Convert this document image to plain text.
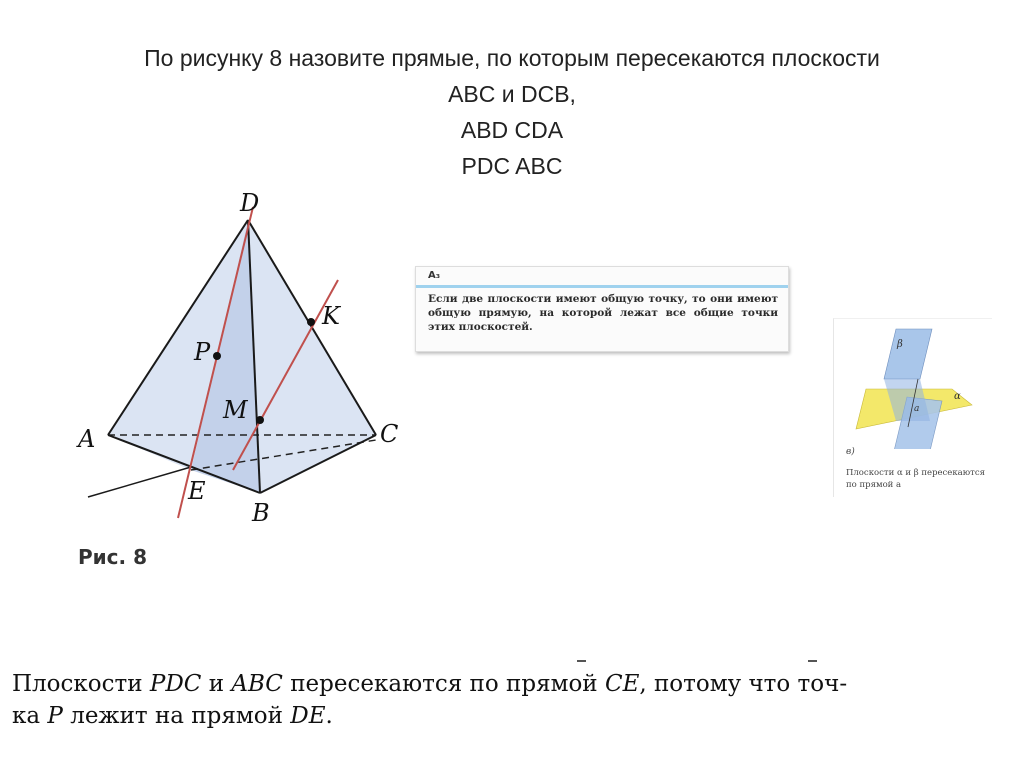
По рисунку 8 назовите прямые, по которым пересекаются плоскости
ABC и DCB,
ABD CDA
PDC ABC
D
A
B
C
K
P
M
E
Рис. 8
A₃
Если две плоскости имеют общую точку, то они имеют общую прямую, на которой лежат все общие точки этих плоскостей.
β
α
a
в)
Плоскости α и β пересекаются по прямой a
Плоскости PDC и ABC пересекаются по прямой CE, потому что точ-
ка P лежит на прямой DE.
